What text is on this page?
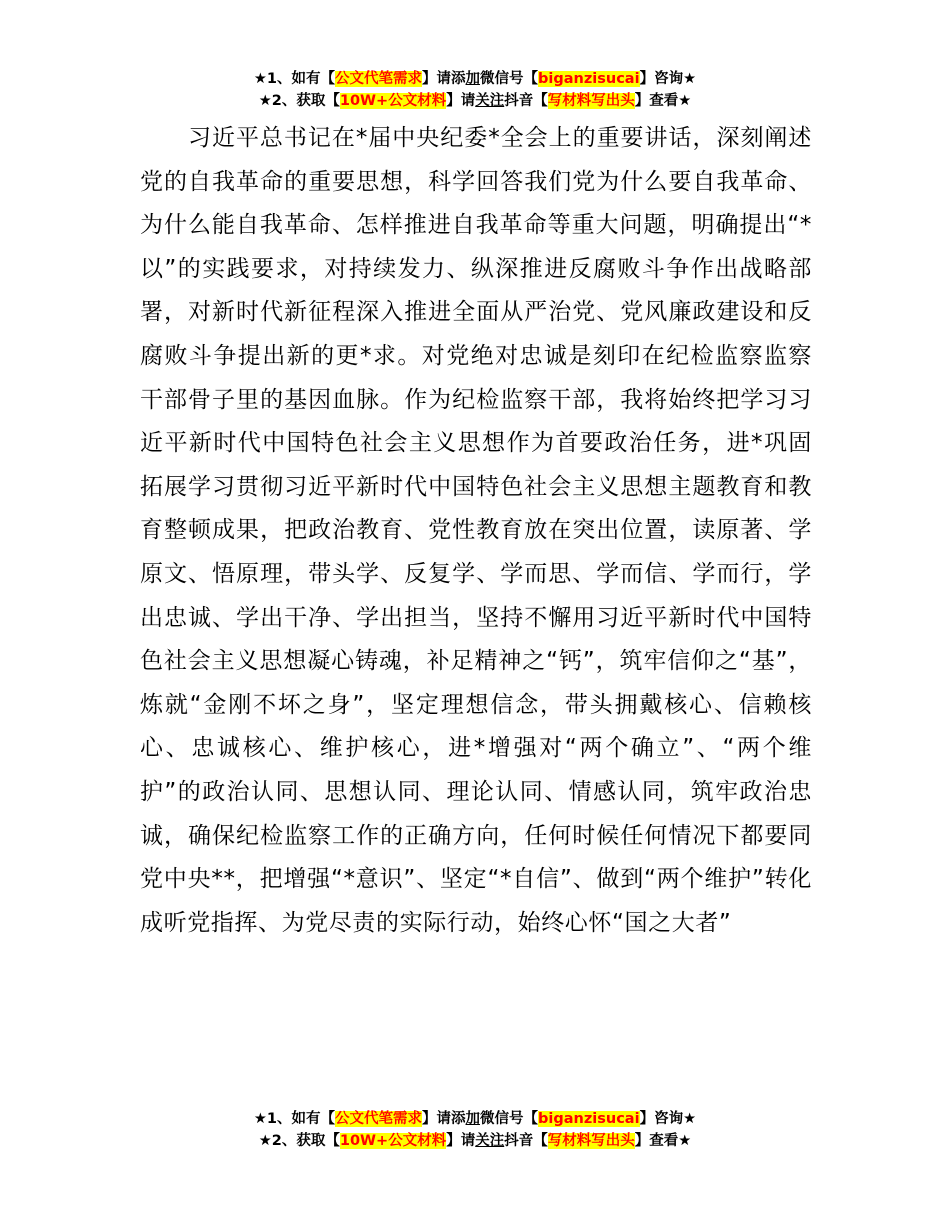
★1、如有【公文代笔需求】请添加微信号【biganzisucai】咨询★
★2、获取【10W+公文材料】请关注抖音【写材料写出头】查看★

习近平总书记在*届中央纪委*全会上的重要讲话，深刻阐述党的自我革命的重要思想，科学回答我们党为什么要自我革命、为什么能自我革命、怎样推进自我革命等重大问题，明确提出“*以”的实践要求，对持续发力、纵深推进反腐败斗争作出战略部署，对新时代新征程深入推进全面从严治党、党风廉政建设和反腐败斗争提出新的更*求。对党绝对忠诚是刻印在纪检监察监察干部骨子里的基因血脉。作为纪检监察干部，我将始终把学习习近平新时代中国特色社会主义思想作为首要政治任务，进*巩固拓展学习贯彻习近平新时代中国特色社会主义思想主题教育和教育整顿成果，把政治教育、党性教育放在突出位置，读原著、学原文、悟原理，带头学、反复学、学而思、学而信、学而行，学出忠诚、学出干净、学出担当，坚持不懈用习近平新时代中国特色社会主义思想凝心铸魂，补足精神之“钙”，筑牢信仰之“基”，炼就“金刚不坏之身”，坚定理想信念，带头拥戴核心、信赖核心、忠诚核心、维护核心，进*增强对“两个确立”、“两个维护”的政治认同、思想认同、理论认同、情感认同，筑牢政治忠诚，确保纪检监察工作的正确方向，任何时候任何情况下都要同党中央**，把增强“*意识”、坚定“*自信”、做到“两个维护”转化成听党指挥、为党尽责的实际行动，始终心怀“国之大者”

★1、如有【公文代笔需求】请添加微信号【biganzisucai】咨询★
★2、获取【10W+公文材料】请关注抖音【写材料写出头】查看★
